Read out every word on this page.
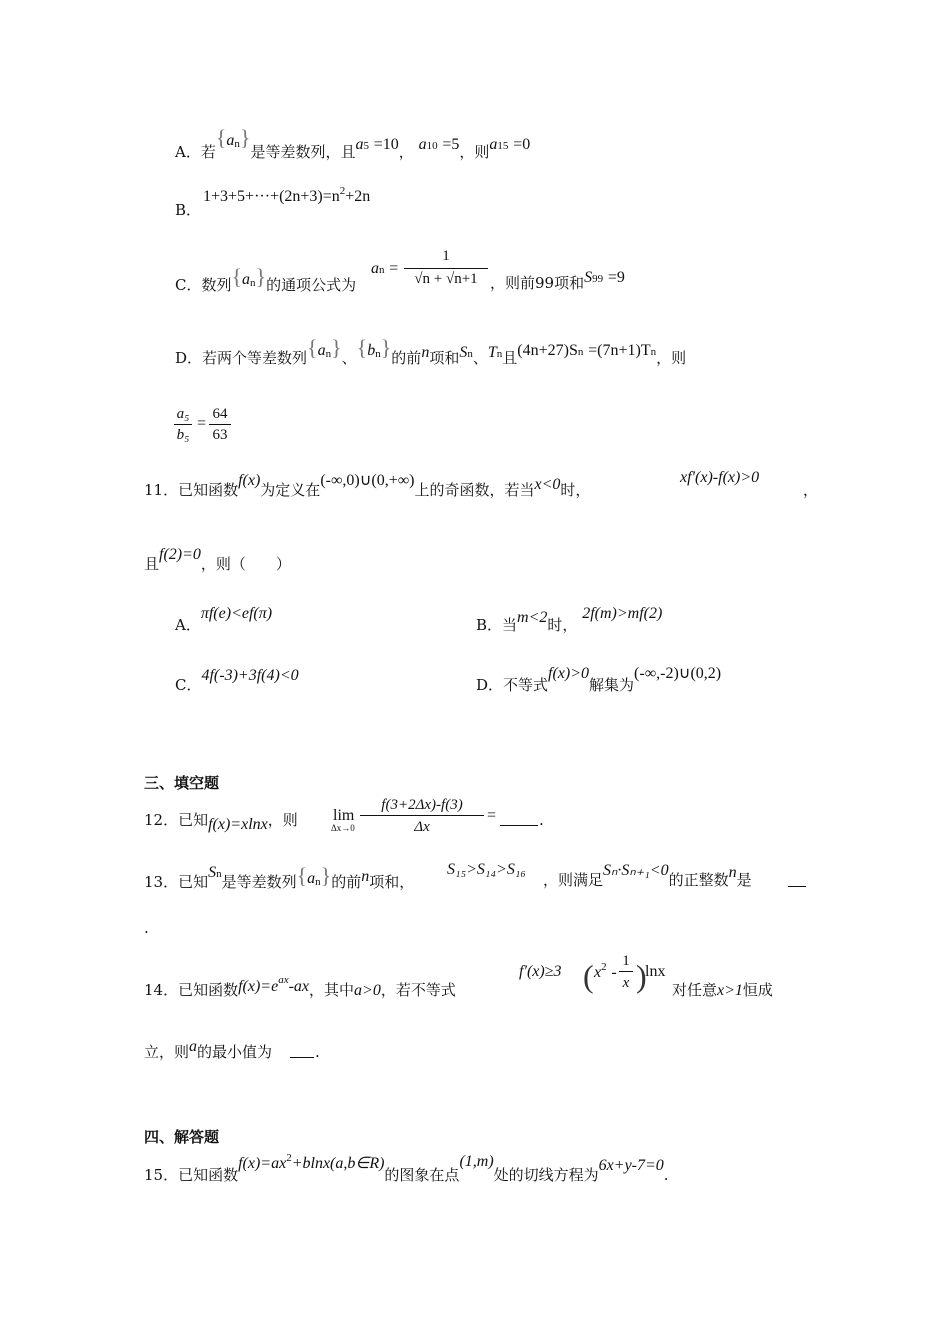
A．若$\{a^n\}$是等差数列，且a5 =10， a10 =5，则a15 =0
B．
$1+3+5+\cdot\cdot\cdot+(2n+3)=n^2+2n$
C．数列$\{a^n\}$的通项公式为
an =
1
√n + √n+1 ，则前99项和S99 =9
D．若两个等差数列$\{a^n\}$、$\{b^n\}$的前n项和Sn、Tn且(4n+27)Sn =(7n+1)Tn，则
a₅
b₅
=
64
63
11．已知函数f(x)为定义在(-∞,0)∪(0,+∞)上的奇函数，若当x<0时，
xf′(x)-f(x)>0
，
且f(2)=0，则（　　）
A．πf(e)<ef(π)
B．当m<2时， 2f(m)>mf(2)
C．4f(-3)+3f(4)<0
D．不等式f(x)>0解集为(-∞,-2)∪(0,2)
三、填空题
12．已知f(x)=xlnx，则 lim
Δx→0
f(3+2Δx)-f(3)
Δx
=	.
13．已知Sn是等差数列{an}的前n项和，
S₁₅>S₁₄>S₁₆
，则满足Sₙ·Sₙ₊₁<0的正整数n是
.
14．已知函数$f(x)=e^{ax}-ax$，其中a>0，若不等式
f′(x)≥3 ( $x^2$ -
1
x )
lnx
对任意x>1恒成
立，则a的最小值为	.
四、解答题
15．已知函数$f(x)=ax^2+blnx(a,b\in R)$的图象在点(1,m)处的切线方程为6x+y-7=0.
